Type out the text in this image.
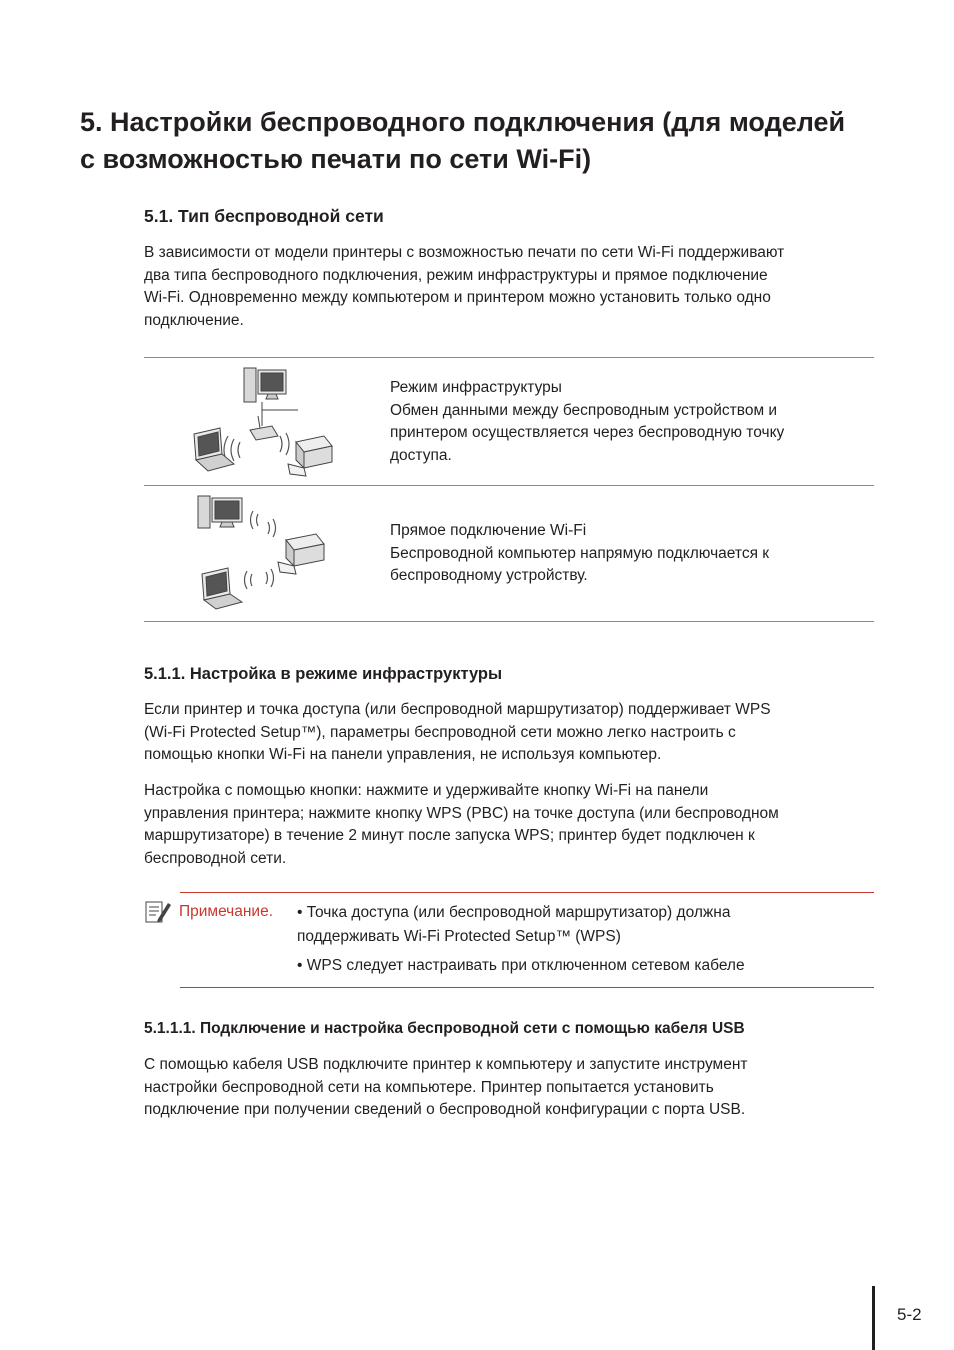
5. Настройки беспроводного подключения (для моделей
с возможностью печати по сети Wi-Fi)
5.1. Тип беспроводной сети
В зависимости от модели принтеры с возможностью печати по сети Wi-Fi поддерживают
два типа беспроводного подключения, режим инфраструктуры и прямое подключение
Wi-Fi. Одновременно между компьютером и принтером можно установить только одно
подключение.
Режим инфраструктуры
Обмен данными между беспроводным устройством и
принтером осуществляется через беспроводную точку
доступа.
Прямое подключение Wi-Fi
Беспроводной компьютер напрямую подключается к
беспроводному устройству.
5.1.1. Настройка в режиме инфраструктуры
Если принтер и точка доступа (или беспроводной маршрутизатор) поддерживает WPS
(Wi-Fi Protected Setup™), параметры беспроводной сети можно легко настроить с
помощью кнопки Wi-Fi на панели управления, не используя компьютер.
Настройка с помощью кнопки: нажмите и удерживайте кнопку Wi-Fi на панели
управления принтера; нажмите кнопку WPS (PBC) на точке доступа (или беспроводном
маршрутизаторе) в течение 2 минут после запуска WPS; принтер будет подключен к
беспроводной сети.
Примечание. • Точка доступа (или беспроводной маршрутизатор) должна
поддерживать Wi-Fi Protected Setup™ (WPS)
• WPS следует настраивать при отключенном сетевом кабеле
5.1.1.1. Подключение и настройка беспроводной сети с помощью кабеля USB
С помощью кабеля USB подключите принтер к компьютеру и запустите инструмент
настройки беспроводной сети на компьютере. Принтер попытается установить
подключение при получении сведений о беспроводной конфигурации с порта USB.
5-2
